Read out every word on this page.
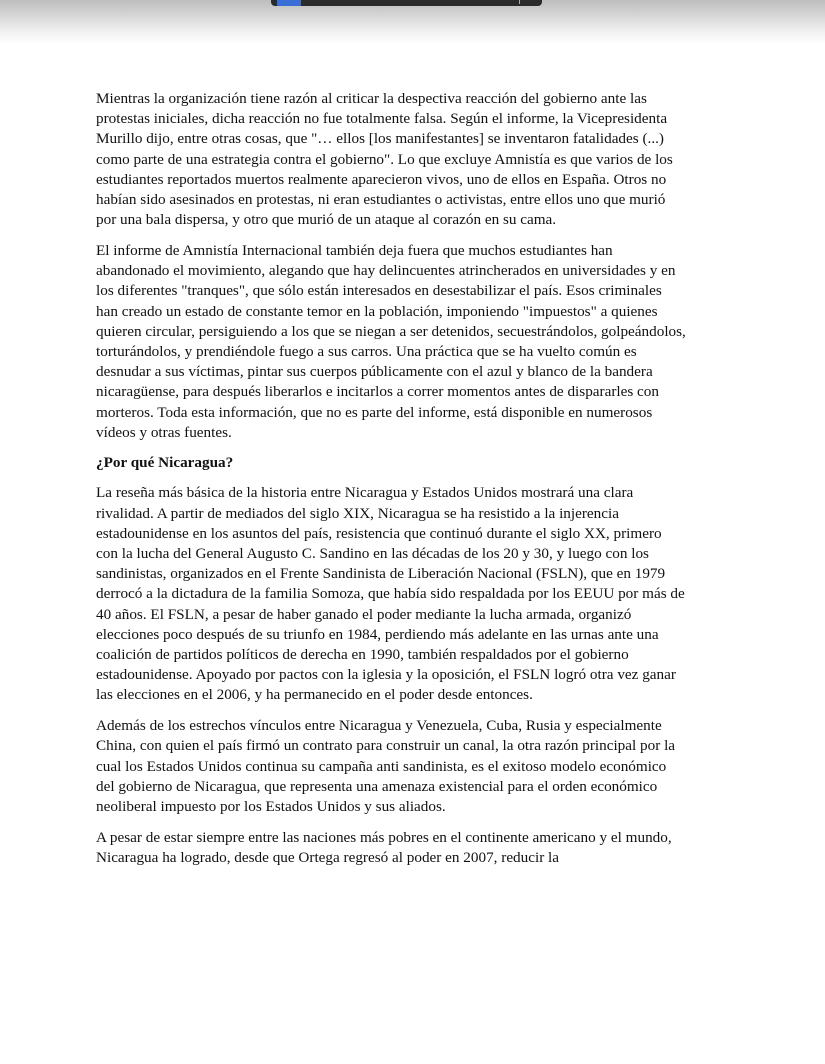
Mientras la organización tiene razón al criticar la despectiva reacción del gobierno ante las protestas iniciales, dicha reacción no fue totalmente falsa. Según el informe, la Vicepresidenta Murillo dijo, entre otras cosas, que "… ellos [los manifestantes] se inventaron fatalidades (...) como parte de una estrategia contra el gobierno". Lo que excluye Amnistía es que varios de los estudiantes reportados muertos realmente aparecieron vivos, uno de ellos en España. Otros no habían sido asesinados en protestas, ni eran estudiantes o activistas, entre ellos uno que murió por una bala dispersa, y otro que murió de un ataque al corazón en su cama.

El informe de Amnistía Internacional también deja fuera que muchos estudiantes han abandonado el movimiento, alegando que hay delincuentes atrincherados en universidades y en los diferentes "tranques", que sólo están interesados en desestabilizar el país. Esos criminales han creado un estado de constante temor en la población, imponiendo "impuestos" a quienes quieren circular, persiguiendo a los que se niegan a ser detenidos, secuestrándolos, golpeándolos, torturándolos, y prendiéndole fuego a sus carros. Una práctica que se ha vuelto común es desnudar a sus víctimas, pintar sus cuerpos públicamente con el azul y blanco de la bandera nicaragüense, para después liberarlos e incitarlos a correr momentos antes de dispararles con morteros. Toda esta información, que no es parte del informe, está disponible en numerosos vídeos y otras fuentes.

¿Por qué Nicaragua?

La reseña más básica de la historia entre Nicaragua y Estados Unidos mostrará una clara rivalidad. A partir de mediados del siglo XIX, Nicaragua se ha resistido a la injerencia estadounidense en los asuntos del país, resistencia que continuó durante el siglo XX, primero con la lucha del General Augusto C. Sandino en las décadas de los 20 y 30, y luego con los sandinistas, organizados en el Frente Sandinista de Liberación Nacional (FSLN), que en 1979 derrocó a la dictadura de la familia Somoza, que había sido respaldada por los EEUU por más de 40 años. El FSLN, a pesar de haber ganado el poder mediante la lucha armada, organizó elecciones poco después de su triunfo en 1984, perdiendo más adelante en las urnas ante una coalición de partidos políticos de derecha en 1990, también respaldados por el gobierno estadounidense. Apoyado por pactos con la iglesia y la oposición, el FSLN logró otra vez ganar las elecciones en el 2006, y ha permanecido en el poder desde entonces.

Además de los estrechos vínculos entre Nicaragua y Venezuela, Cuba, Rusia y especialmente China, con quien el país firmó un contrato para construir un canal, la otra razón principal por la cual los Estados Unidos continua su campaña anti sandinista, es el exitoso modelo económico del gobierno de Nicaragua, que representa una amenaza existencial para el orden económico neoliberal impuesto por los Estados Unidos y sus aliados.

A pesar de estar siempre entre las naciones más pobres en el continente americano y el mundo, Nicaragua ha logrado, desde que Ortega regresó al poder en 2007, reducir la
